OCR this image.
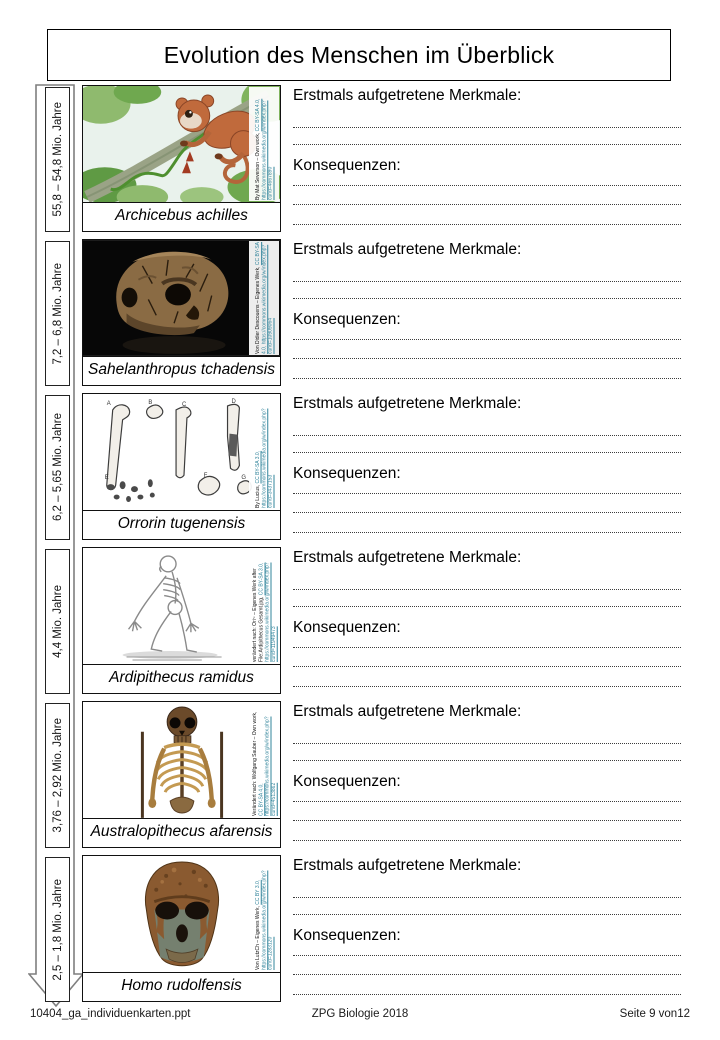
Evolution des Menschen im Überblick
55,8 – 54,8 Mio. Jahre	By Mat Severson – Own work, CC BY-SA 4.0, https://commons.wikimedia.org/w/index.php?curid=4667890
Archicebus achilles
Erstmals aufgetretene Merkmale:
Konsequenzen:
7,2 – 6,8 Mio. Jahre	Von Didier Descouens – Eigenes Werk, CC BY-SA 4.0, https://commons.wikimedia.org/w/index.php?curid=10909064
Sahelanthropus tchadensis
Erstmals aufgetretene Merkmale:
Konsequenzen:
6,2 – 5,65 Mio. Jahre
A	B	C	D
E	F	G
By Lucius, CC BY-SA 3.0, https://commons.wikimedia.org/w/index.php?curid=3437153
Orrorin tugenensis
Erstmals aufgetretene Merkmale:
Konsequenzen:
4,4 Mio. Jahre	verändert nach: Ori~ – Eigenes Werk after File:Ardipithecus Gesamt.jpg, CC BY-SA 3.0, https://commons.wikimedia.org/w/index.php?curid=11949473
Ardipithecus ramidus
Erstmals aufgetretene Merkmale:
Konsequenzen:
3,76 – 2,92 Mio. Jahre	Verändert nach: Wolfgang Sauber – Own work, CC BY-SA 4.0, https://commons.wikimedia.org/w/index.php?curid=4513862
Australopithecus afarensis
Erstmals aufgetretene Merkmale:
Konsequenzen:
2,5 – 1,8 Mio. Jahre	Von LutzCh – Eigenes Werk, CC BY 3.0, https://commons.wikimedia.org/w/index.php?curid=1283120
Homo rudolfensis
Erstmals aufgetretene Merkmale:
Konsequenzen:
10404_ga_individuenkarten.ppt	ZPG Biologie 2018	Seite 9 von12
